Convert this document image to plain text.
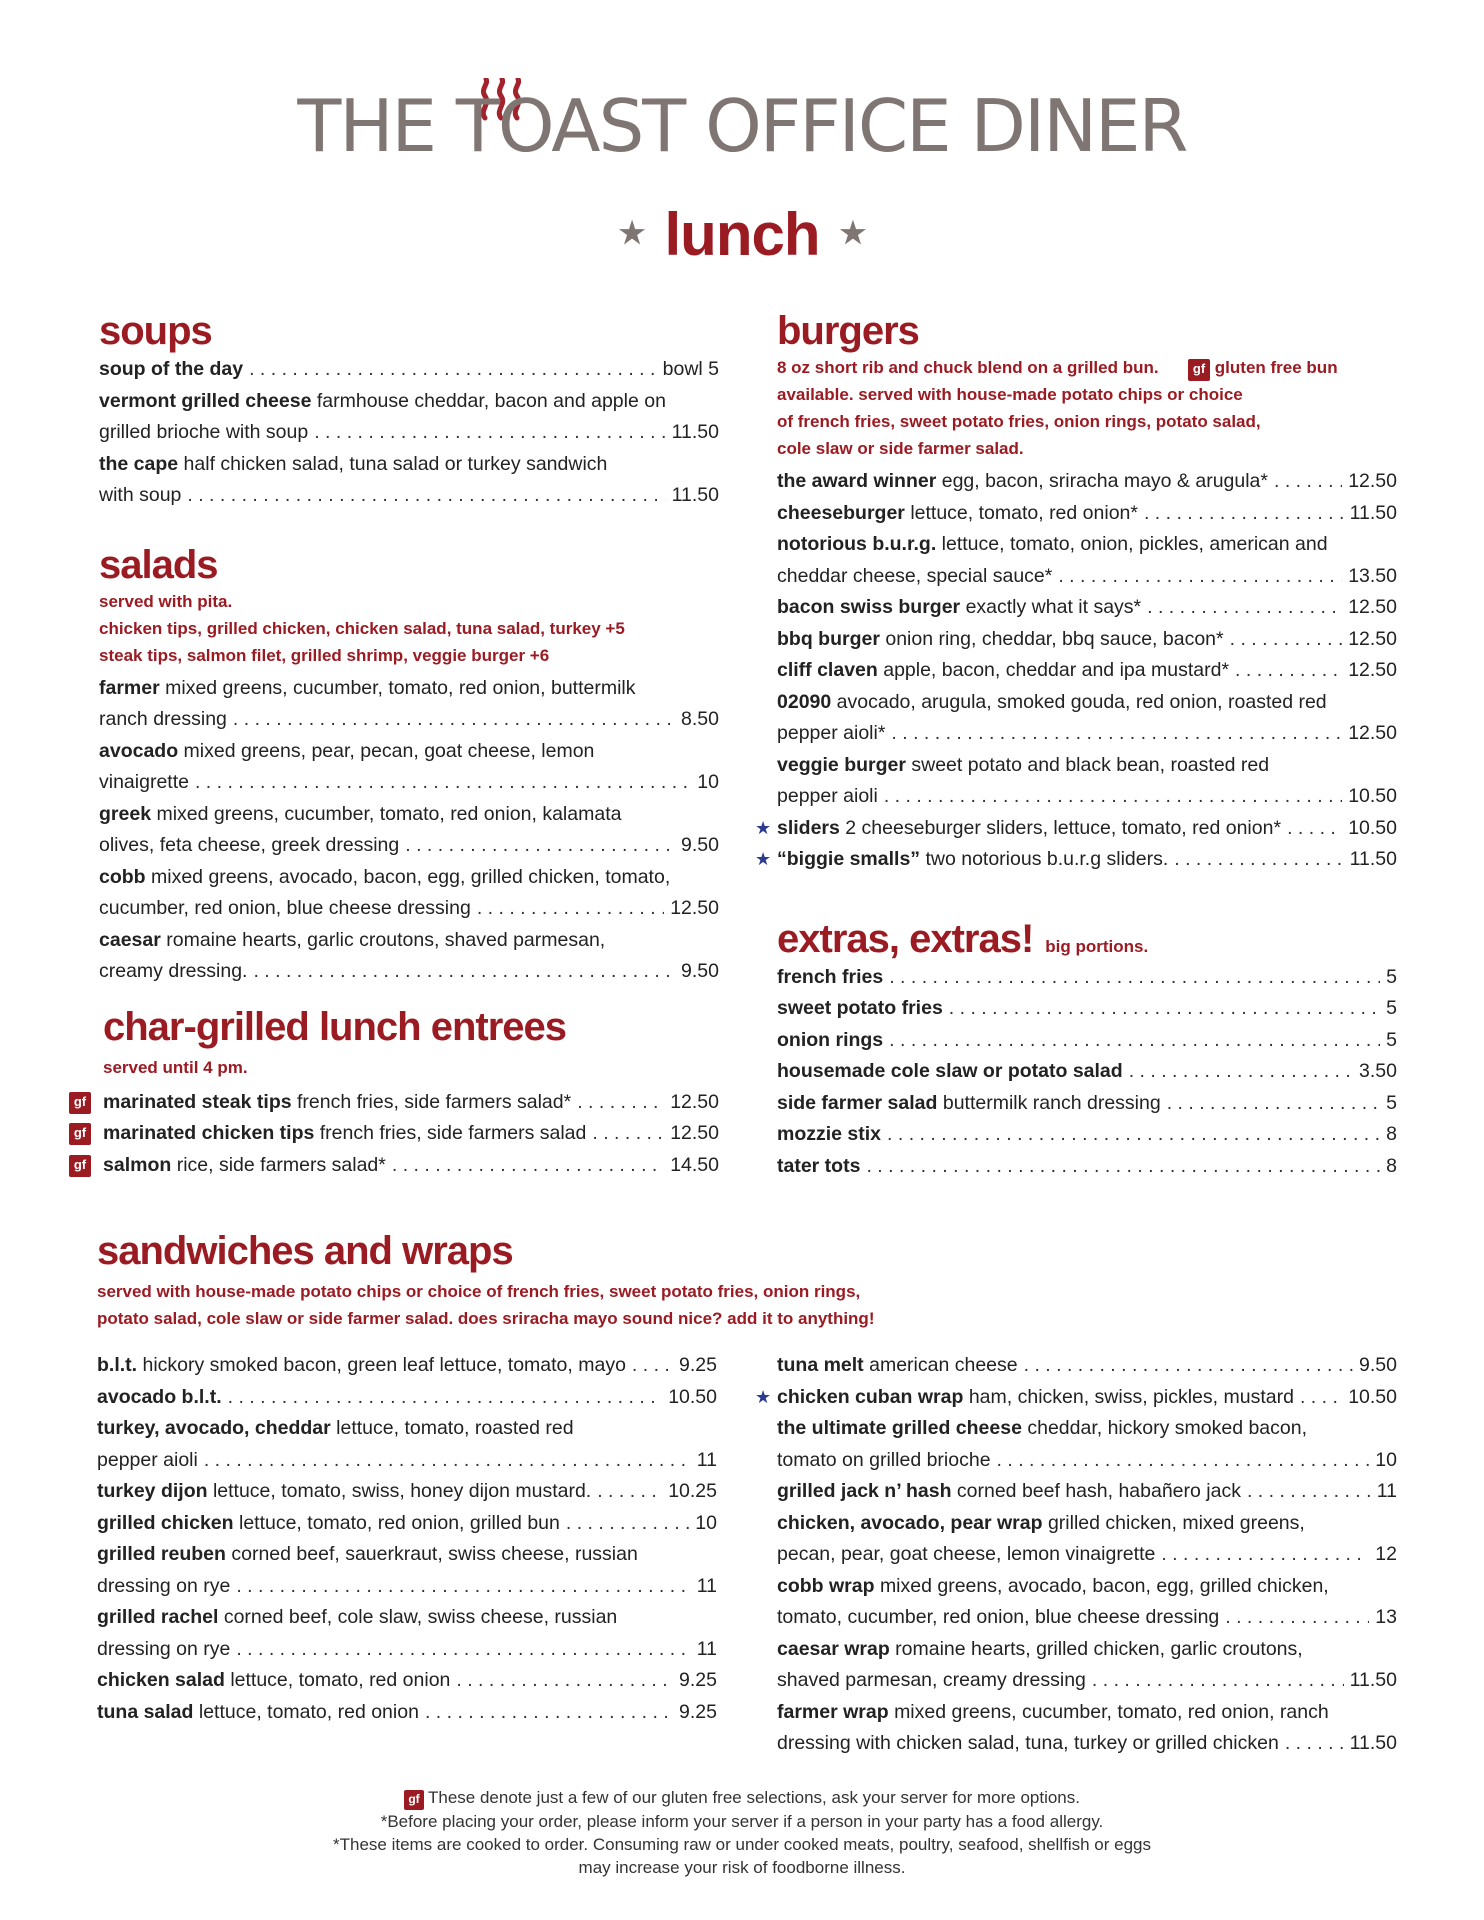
THE TOAST OFFICE DINER
★ lunch ★
soups
soup of the day . . .	bowl 5
vermont grilled cheese farmhouse cheddar, bacon and apple on
grilled brioche with soup . . .	11.50
the cape half chicken salad, tuna salad or turkey sandwich
with soup . . .	11.50
salads
served with pita.
chicken tips, grilled chicken, chicken salad, tuna salad, turkey +5
steak tips, salmon filet, grilled shrimp, veggie burger +6
farmer mixed greens, cucumber, tomato, red onion, buttermilk
ranch dressing . . .	8.50
avocado mixed greens, pear, pecan, goat cheese, lemon
vinaigrette . . .	10
greek mixed greens, cucumber, tomato, red onion, kalamata
olives, feta cheese, greek dressing . . .	9.50
cobb mixed greens, avocado, bacon, egg, grilled chicken, tomato,
cucumber, red onion, blue cheese dressing . . .	12.50
caesar romaine hearts, garlic croutons, shaved parmesan,
creamy dressing. . . .	9.50
char-grilled lunch entrees
served until 4 pm.
gf marinated steak tips french fries, side farmers salad* . . .	12.50
gf marinated chicken tips french fries, side farmers salad . . .	12.50
gf salmon rice, side farmers salad* . . .	14.50
burgers
8 oz short rib and chuck blend on a grilled bun.	gf gluten free bun
available. served with house-made potato chips or choice
of french fries, sweet potato fries, onion rings, potato salad,
cole slaw or side farmer salad.
the award winner egg, bacon, sriracha mayo & arugula* . . .	12.50
cheeseburger lettuce, tomato, red onion* . . .	11.50
notorious b.u.r.g. lettuce, tomato, onion, pickles, american and
cheddar cheese, special sauce* . . .	13.50
bacon swiss burger exactly what it says* . . .	12.50
bbq burger onion ring, cheddar, bbq sauce, bacon* . . .	12.50
cliff claven apple, bacon, cheddar and ipa mustard* . . .	12.50
02090 avocado, arugula, smoked gouda, red onion, roasted red
pepper aioli* . . .	12.50
veggie burger sweet potato and black bean, roasted red
pepper aioli . . .	10.50
★ sliders 2 cheeseburger sliders, lettuce, tomato, red onion* . . .	10.50
★ “biggie smalls” two notorious b.u.r.g sliders. . . .	11.50
extras, extras! big portions.
french fries . . .	5
sweet potato fries . . .	5
onion rings . . .	5
housemade cole slaw or potato salad . . .	3.50
side farmer salad buttermilk ranch dressing . . .	5
mozzie stix . . .	8
tater tots . . .	8
sandwiches and wraps
served with house-made potato chips or choice of french fries, sweet potato fries, onion rings,
potato salad, cole slaw or side farmer salad. does sriracha mayo sound nice? add it to anything!
b.l.t. hickory smoked bacon, green leaf lettuce, tomato, mayo . . .	9.25
avocado b.l.t. . . .	10.50
turkey, avocado, cheddar lettuce, tomato, roasted red
pepper aioli . . .	11
turkey dijon lettuce, tomato, swiss, honey dijon mustard. . . .	10.25
grilled chicken lettuce, tomato, red onion, grilled bun . . .	10
grilled reuben corned beef, sauerkraut, swiss cheese, russian
dressing on rye . . .	11
grilled rachel corned beef, cole slaw, swiss cheese, russian
dressing on rye . . .	11
chicken salad lettuce, tomato, red onion . . .	9.25
tuna salad lettuce, tomato, red onion . . .	9.25
tuna melt american cheese . . .	9.50
★ chicken cuban wrap ham, chicken, swiss, pickles, mustard . . .	10.50
the ultimate grilled cheese cheddar, hickory smoked bacon,
tomato on grilled brioche . . .	10
grilled jack n’ hash corned beef hash, habañero jack . . .	11
chicken, avocado, pear wrap grilled chicken, mixed greens,
pecan, pear, goat cheese, lemon vinaigrette . . .	12
cobb wrap mixed greens, avocado, bacon, egg, grilled chicken,
tomato, cucumber, red onion, blue cheese dressing . . .	13
caesar wrap romaine hearts, grilled chicken, garlic croutons,
shaved parmesan, creamy dressing . . .	11.50
farmer wrap mixed greens, cucumber, tomato, red onion, ranch
dressing with chicken salad, tuna, turkey or grilled chicken . . .	11.50
gf These denote just a few of our gluten free selections, ask your server for more options.
*Before placing your order, please inform your server if a person in your party has a food allergy.
*These items are cooked to order. Consuming raw or under cooked meats, poultry, seafood, shellfish or eggs
may increase your risk of foodborne illness.
